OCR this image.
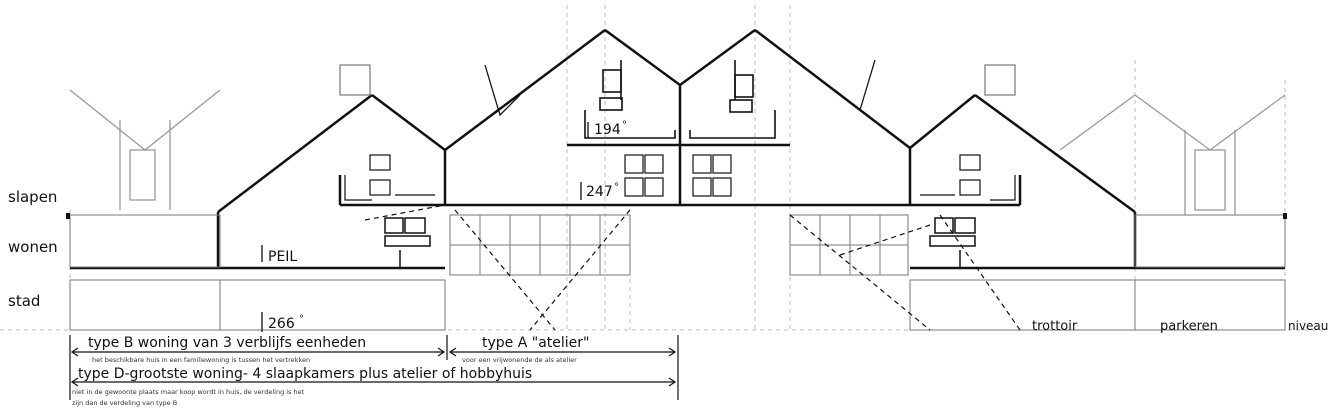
slapen
wonen
stad
PEIL
266 °
247 °
194 °
type B woning van 3 verblijfs eenheden	type A "atelier"
het beschikbare huis in een familiewoning is tussen het vertrekken	voor een vrijwonende de als atelier
type D-grootste woning- 4 slaapkamers plus atelier of hobbyhuis
niet in de gewoonte plaats maar koop wordt in huis, de verdeling is het
zijn dan de verdeling van type B
trottoir	parkeren	niveau
